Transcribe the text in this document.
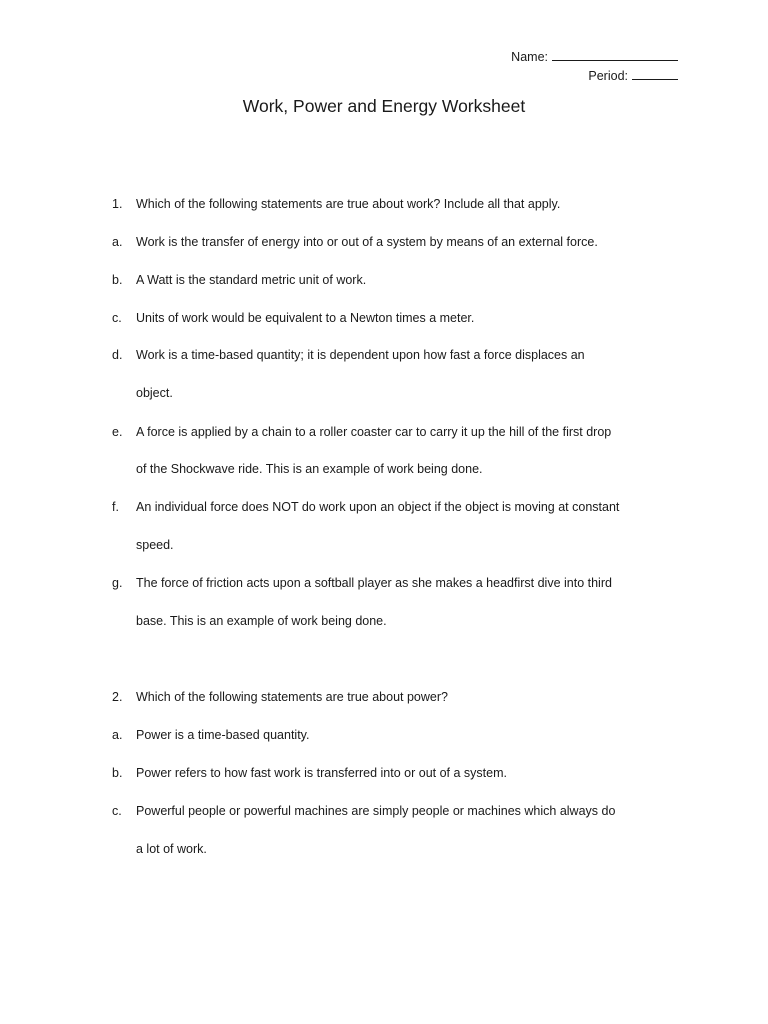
Name:
Period:
Work, Power and Energy Worksheet
1. Which of the following statements are true about work? Include all that apply.
a. Work is the transfer of energy into or out of a system by means of an external force.
b. A Watt is the standard metric unit of work.
c. Units of work would be equivalent to a Newton times a meter.
d. Work is a time-based quantity; it is dependent upon how fast a force displaces an
object.
e. A force is applied by a chain to a roller coaster car to carry it up the hill of the first drop
of the Shockwave ride. This is an example of work being done.
f. An individual force does NOT do work upon an object if the object is moving at constant
speed.
g. The force of friction acts upon a softball player as she makes a headfirst dive into third
base. This is an example of work being done.
2. Which of the following statements are true about power?
a. Power is a time-based quantity.
b. Power refers to how fast work is transferred into or out of a system.
c. Powerful people or powerful machines are simply people or machines which always do
a lot of work.
